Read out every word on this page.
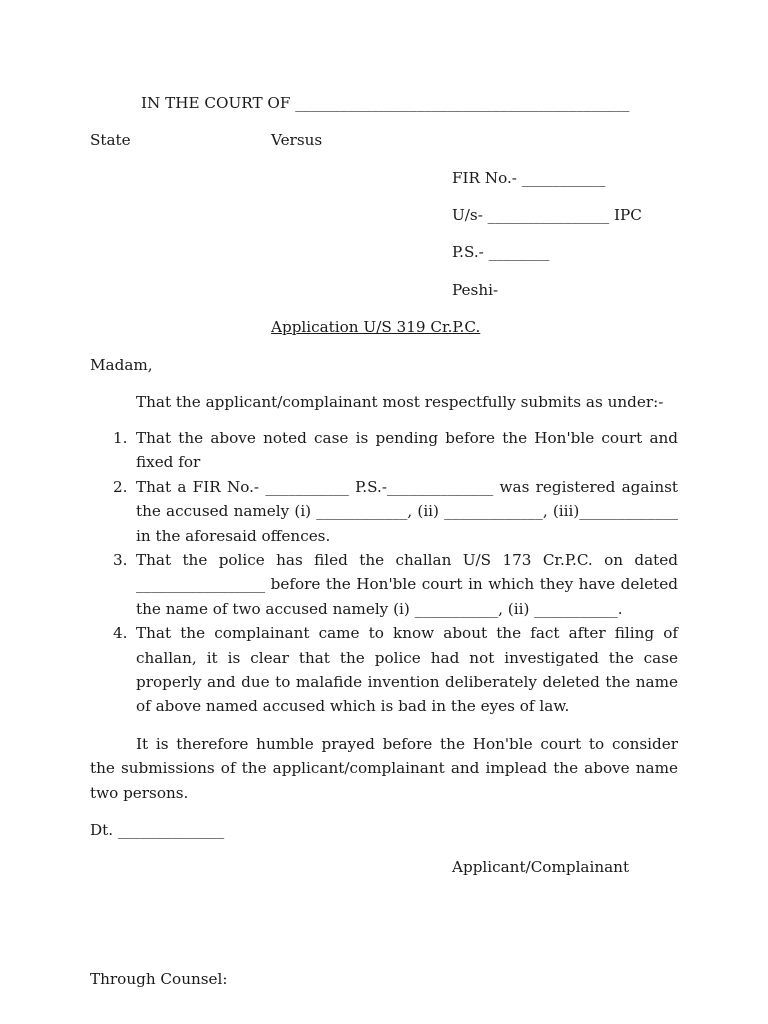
IN THE COURT OF ____________________________________________
State	Versus
FIR No.- ___________
U/s- ________________ IPC
P.S.- ________
Peshi-
Application U/S 319 Cr.P.C.
Madam,
That the applicant/complainant most respectfully submits as under:-
1. That the above noted case is pending before the Hon'ble court and fixed for
2. That a FIR No.- ___________ P.S.-______________ was registered against the accused namely (i) ____________, (ii) _____________, (iii)_____________ in the aforesaid offences.
3. That the police has filed the challan U/S 173 Cr.P.C. on dated _________________ before the Hon'ble court in which they have deleted the name of two accused namely (i) ___________, (ii) ___________.
4. That the complainant came to know about the fact after filing of challan, it is clear that the police had not investigated the case properly and due to malafide invention deliberately deleted the name of above named accused which is bad in the eyes of law.
It is therefore humble prayed before the Hon'ble court to consider the submissions of the applicant/complainant and implead the above name two persons.
Dt. ______________
Applicant/Complainant
Through Counsel:
